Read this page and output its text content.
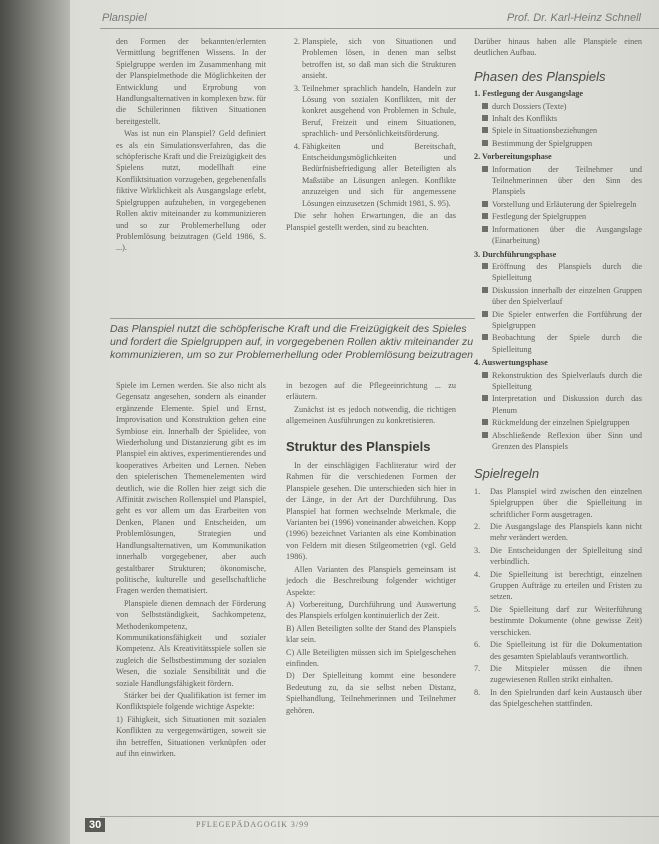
Planspiel	Prof. Dr. Karl-Heinz Schnell

den Formen der bekannten/erlernten Vermittlung begriffenen Wissens. In der Spielgruppe werden im Zusammenhang mit der Planspielmethode die Möglichkeiten der Entwicklung und Erprobung von Handlungsalternativen in komplexen bzw. für die Schülerinnen fiktiven Situationen bereitgestellt.

Was ist nun ein Planspiel? Geld definiert es als ein Simulationsverfahren, das die schöpferische Kraft und die Freizügigkeit des Spielens nutzt, modellhaft eine Konfliktsituation vorzugeben, gegebenenfalls fiktive Wirklichkeit als Ausgangslage erlebt, Spielgruppen aufzuheben, in vorgegebenen Rollen aktiv miteinander zu kommunizieren und so zur Problemerhellung oder Problemlösung beizutragen (Geld 1986, S. ...).

2. Planspiele, sich von Situationen und Problemen lösen, in denen man selbst betroffen ist, so daß man sich die Strukturen ansieht.
3. Teilnehmer sprachlich handeln, Handeln zur Lösung von sozialen Konflikten, mit der konkret ausgehend von Problemen in Schule, Beruf, Freizeit und einem Situationen, sprachlich- und Persönlichkeitsförderung.
4. Fähigkeiten und Bereitschaft, Entscheidungsmöglichkeiten und Bedürfnisbefriedigung aller Beteiligten als Maßstäbe an Lösungen anlegen. Konflikte anzuzeigen und sich für angemessene Lösungen einzusetzen (Schmidt 1981, S. 95).

Die sehr hohen Erwartungen, die an das Planspiel gestellt werden, sind zu beachten.

Das Planspiel nutzt die schöpferische Kraft und die Freizügigkeit des Spieles und fordert die Spielgruppen auf, in vorgegebenen Rollen aktiv miteinander zu kommunizieren, um so zur Problemerhellung oder Problemlösung beizutragen

Spiele im Lernen werden. Sie also nicht als Gegensatz angesehen, sondern als einander ergänzende Elemente. Spiel und Ernst, Improvisation und Konstruktion gehen eine Symbiose ein. Innerhalb der Spielidee, von Wiederholung und Distanzierung gibt es im Planspiel ein aktives, experimentierendes und kooperatives Arbeiten und Lernen. Neben den spielerischen Themenelementen wird deutlich, wie die Rollen hier zeigt sich die Affinität zwischen Rollenspiel und Planspiel, geht es vor allem um das Erarbeiten von Denken, Planen und Entscheiden, um Problemlösungen, Strategien und Handlungsalternativen, um Kommunikation innerhalb vorgegebener, aber auch gestaltbarer Strukturen; ökonomische, politische, kulturelle und gesellschaftliche Fragen werden thematisiert.

Planspiele dienen demnach der Förderung von Selbstständigkeit, Sachkompetenz, Methodenkompetenz, Kommunikationsfähigkeit und sozialer Kompetenz. Als Kreativitätsspiele sollen sie zugleich die Selbstbestimmung der sozialen Wesen, die soziale Sensibilität und die soziale Handlungsfähigkeit fördern.

Stärker bei der Qualifikation ist ferner im Konfliktspiele folgende wichtige Aspekte:

1) Fähigkeit, sich Situationen mit sozialen Konflikten zu vergegenwärtigen, soweit sie ihn betreffen, Situationen verknüpfen oder auf ihn einwirken.

in bezogen auf die Pflegeeinrichtung ... zu erläutern.

Zunächst ist es jedoch notwendig, die richtigen allgemeinen Ausführungen zu konkretisieren.

Struktur des Planspiels

In der einschlägigen Fachliteratur wird der Rahmen für die verschiedenen Formen der Planspiele gesehen. Die unterschieden sich hier in der Länge, in der Art der Durchführung. Das Planspiel hat formen wechselnde Merkmale, die Varianten bei (1996) voneinander abweichen. Kopp (1996) bezeichnet Varianten als eine Kombination von Feldern mit diesen Stilgeometrien (vgl. Geld 1986).

Allen Varianten des Planspiels gemeinsam ist jedoch die Beschreibung folgender wichtiger Aspekte:

A) Vorbereitung, Durchführung und Auswertung des Planspiels erfolgen kontinuierlich der Zeit.

B) Allen Beteiligten sollte der Stand des Planspiels klar sein.

C) Alle Beteiligten müssen sich im Spielgeschehen einfinden.

D) Der Spielleitung kommt eine besondere Bedeutung zu, da sie selbst neben Distanz, Spielhandlung, Teilnehmerinnen und Teilnehmer gehören.

Darüber hinaus haben alle Planspiele einen deutlichen Aufbau.

Phasen des Planspiels
1. Festlegung der Ausgangslage
durch Dossiers (Texte)
Inhalt des Konflikts
Spiele in Situationsbeziehungen
Bestimmung der Spielgruppen
2. Vorbereitungsphase
Information der Teilnehmer und Teilnehmerinnen über den Sinn des Planspiels
Vorstellung und Erläuterung der Spielregeln
Festlegung der Spielgruppen
Informationen über die Ausgangslage (Einarbeitung)
3. Durchführungsphase
Eröffnung des Planspiels durch die Spielleitung
Diskussion innerhalb der einzelnen Gruppen über den Spielverlauf
Die Spieler entwerfen die Fortführung der Spielgruppen
Beobachtung der Spiele durch die Spielleitung
4. Auswertungsphase
Rekonstruktion des Spielverlaufs durch die Spielleitung
Interpretation und Diskussion durch das Plenum
Rückmeldung der einzelnen Spielgruppen
Abschließende Reflexion über Sinn und Grenzen des Planspiels
Spielregeln
1.	Das Planspiel wird zwischen den einzelnen Spielgruppen über die Spielleitung in schriftlicher Form ausgetragen.
2.	Die Ausgangslage des Planspiels kann nicht mehr verändert werden.
3.	Die Entscheidungen der Spielleitung sind verbindlich.
4.	Die Spielleitung ist berechtigt, einzelnen Gruppen Aufträge zu erteilen und Fristen zu setzen.
5.	Die Spielleitung darf zur Weiterführung bestimmte Dokumente (ohne gewisse Zeit) verschicken.
6.	Die Spielleitung ist für die Dokumentation des gesamten Spielablaufs verantwortlich.
7.	Die Mitspieler müssen die ihnen zugewiesenen Rollen strikt einhalten.
8.	In den Spielrunden darf kein Austausch über das Spielgeschehen stattfinden.
30	PFLEGEPÄDAGOGIK 3/99
